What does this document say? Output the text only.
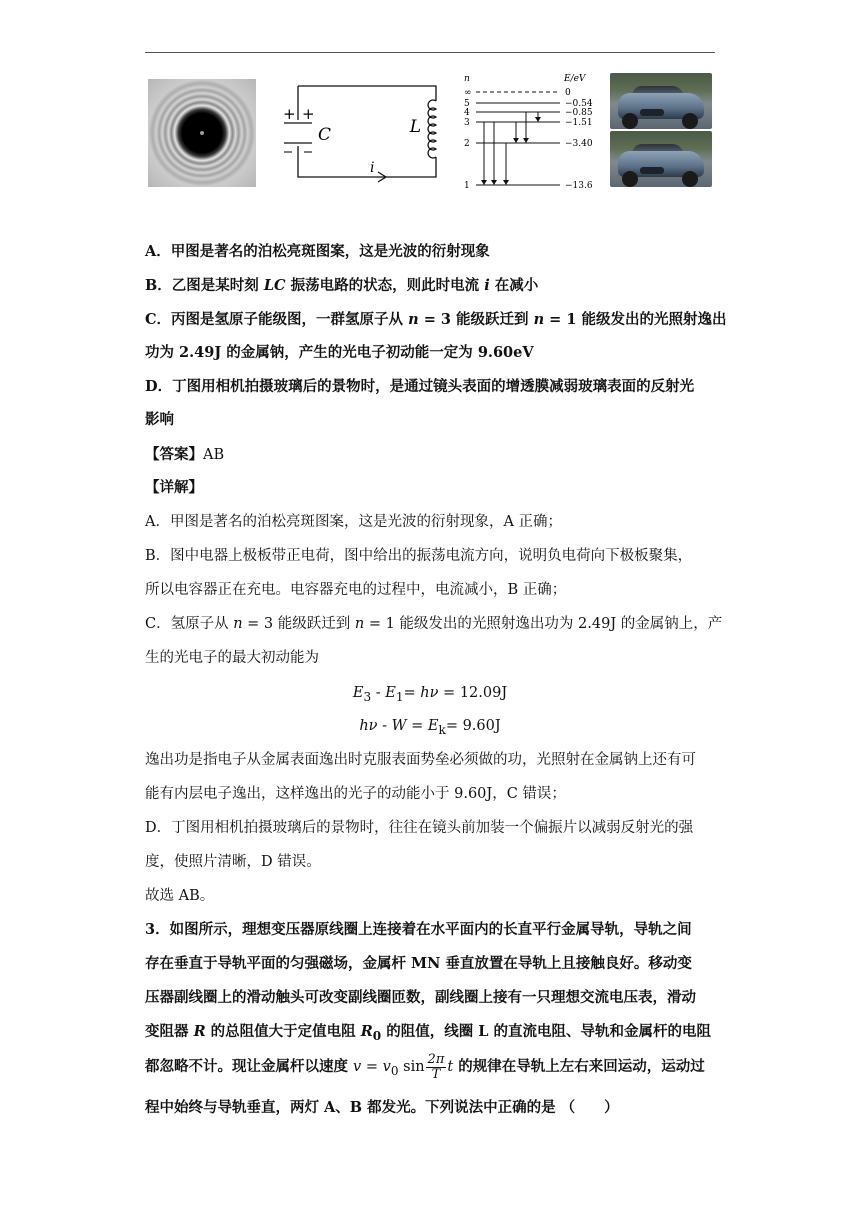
+ +
C	L
i
n	E/eV
∞
5
4
3
2
1
0
−0.54
−0.85
−1.51
−3.40
−13.6
A．甲图是著名的泊松亮斑图案，这是光波的衍射现象
B．乙图是某时刻 LC 振荡电路的状态，则此时电流 i 在减小
C．丙图是氢原子能级图，一群氢原子从 n = 3 能级跃迁到 n = 1 能级发出的光照射逸出
功为 2.49J 的金属钠，产生的光电子初动能一定为 9.60eV
D．丁图用相机拍摄玻璃后的景物时，是通过镜头表面的增透膜减弱玻璃表面的反射光
影响
【答案】AB
【详解】
A．甲图是著名的泊松亮斑图案，这是光波的衍射现象，A 正确；
B．图中电器上极板带正电荷，图中给出的振荡电流方向，说明负电荷向下极板聚集，
所以电容器正在充电。电容器充电的过程中，电流减小，B 正确；
C．氢原子从 n = 3 能级跃迁到 n = 1 能级发出的光照射逸出功为 2.49J 的金属钠上，产
生的光电子的最大初动能为
$E_3 - E_1= h\nu = 12.09J$
$h\nu - W = E_k= 9.60J$
逸出功是指电子从金属表面逸出时克服表面势垒必须做的功，光照射在金属钠上还有可
能有内层电子逸出，这样逸出的光子的动能小于 9.60J，C 错误；
D．丁图用相机拍摄玻璃后的景物时，往往在镜头前加装一个偏振片以减弱反射光的强
度，使照片清晰，D 错误。
故选 AB。
3．如图所示，理想变压器原线圈上连接着在水平面内的长直平行金属导轨，导轨之间
存在垂直于导轨平面的匀强磁场，金属杆 MN 垂直放置在导轨上且接触良好。移动变
压器副线圈上的滑动触头可改变副线圈匝数，副线圈上接有一只理想交流电压表，滑动
变阻器 R 的总阻值大于定值电阻 $R_0$ 的阻值，线圈 L 的直流电阻、导轨和金属杆的电阻
都忽略不计。现让金属杆以速度 $v = v_0$ $\sin \frac{2\pi}{T}$ t 的规律在导轨上左右来回运动，运动过
程中始终与导轨垂直，两灯 A、B 都发光。下列说法中正确的是 （　　）
